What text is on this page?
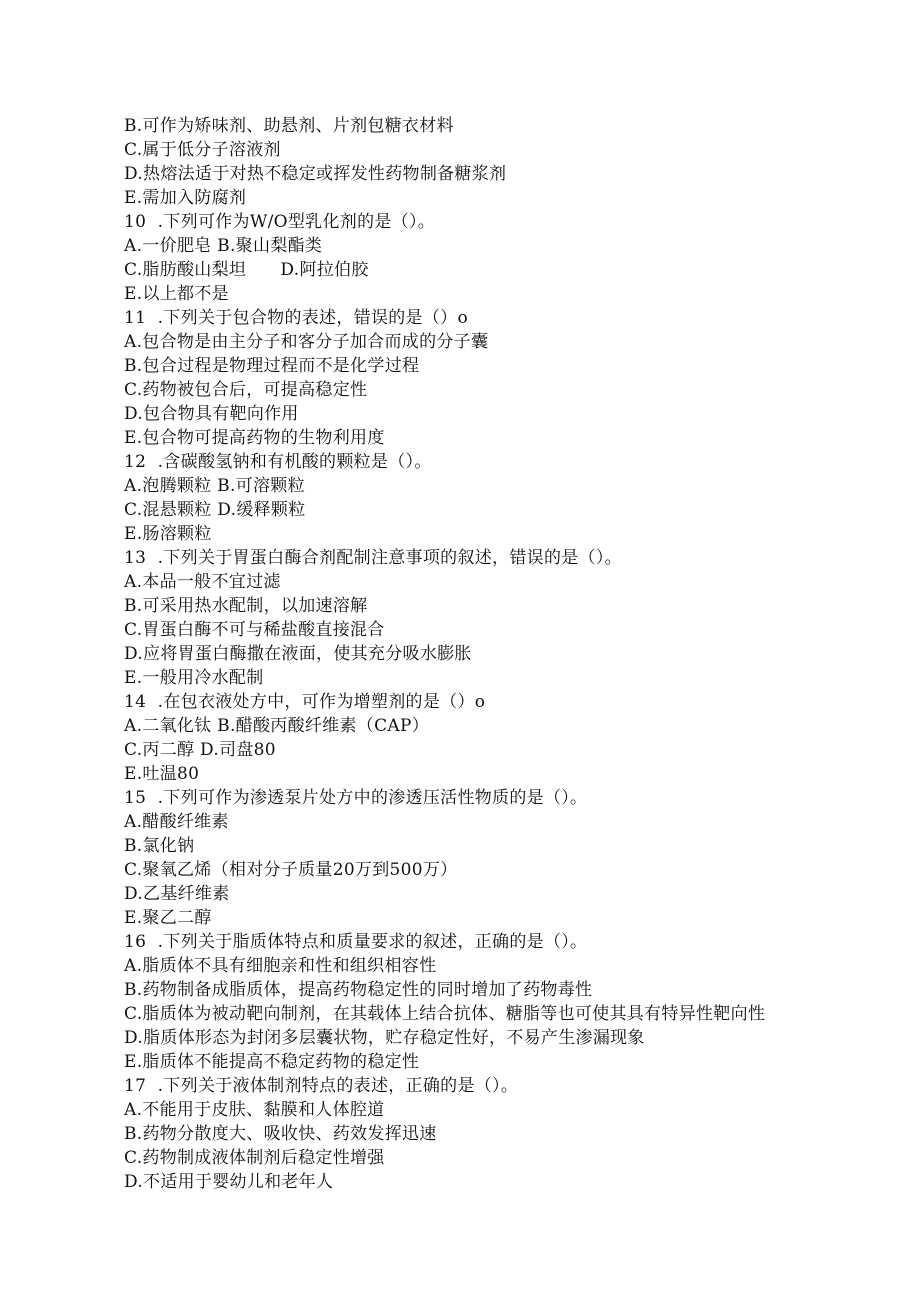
B.可作为矫味剂、助悬剂、片剂包糖衣材料
C.属于低分子溶液剂
D.热熔法适于对热不稳定或挥发性药物制备糖浆剂
E.需加入防腐剂
10  .下列可作为W/O型乳化剂的是（）。
A.一价肥皂 B.聚山梨酯类
C.脂肪酸山梨坦      D.阿拉伯胶
E.以上都不是
11  .下列关于包合物的表述，错误的是（）o
A.包合物是由主分子和客分子加合而成的分子囊
B.包合过程是物理过程而不是化学过程
C.药物被包合后，可提高稳定性
D.包合物具有靶向作用
E.包合物可提高药物的生物利用度
12  .含碳酸氢钠和有机酸的颗粒是（）。
A.泡腾颗粒 B.可溶颗粒
C.混悬颗粒 D.缓释颗粒
E.肠溶颗粒
13  .下列关于胃蛋白酶合剂配制注意事项的叙述，错误的是（）。
A.本品一般不宜过滤
B.可采用热水配制，以加速溶解
C.胃蛋白酶不可与稀盐酸直接混合
D.应将胃蛋白酶撒在液面，使其充分吸水膨胀
E.一般用冷水配制
14  .在包衣液处方中，可作为增塑剂的是（）o
A.二氧化钛 B.醋酸丙酸纤维素（CAP）
C.丙二醇 D.司盘80
E.吐温80
15  .下列可作为渗透泵片处方中的渗透压活性物质的是（）。
A.醋酸纤维素
B.氯化钠
C.聚氧乙烯（相对分子质量20万到500万）
D.乙基纤维素
E.聚乙二醇
16  .下列关于脂质体特点和质量要求的叙述，正确的是（）。
A.脂质体不具有细胞亲和性和组织相容性
B.药物制备成脂质体，提高药物稳定性的同时增加了药物毒性
C.脂质体为被动靶向制剂，在其载体上结合抗体、糖脂等也可使其具有特异性靶向性
D.脂质体形态为封闭多层囊状物，贮存稳定性好，不易产生渗漏现象
E.脂质体不能提高不稳定药物的稳定性
17  .下列关于液体制剂特点的表述，正确的是（）。
A.不能用于皮肤、黏膜和人体腔道
B.药物分散度大、吸收快、药效发挥迅速
C.药物制成液体制剂后稳定性增强
D.不适用于婴幼儿和老年人
